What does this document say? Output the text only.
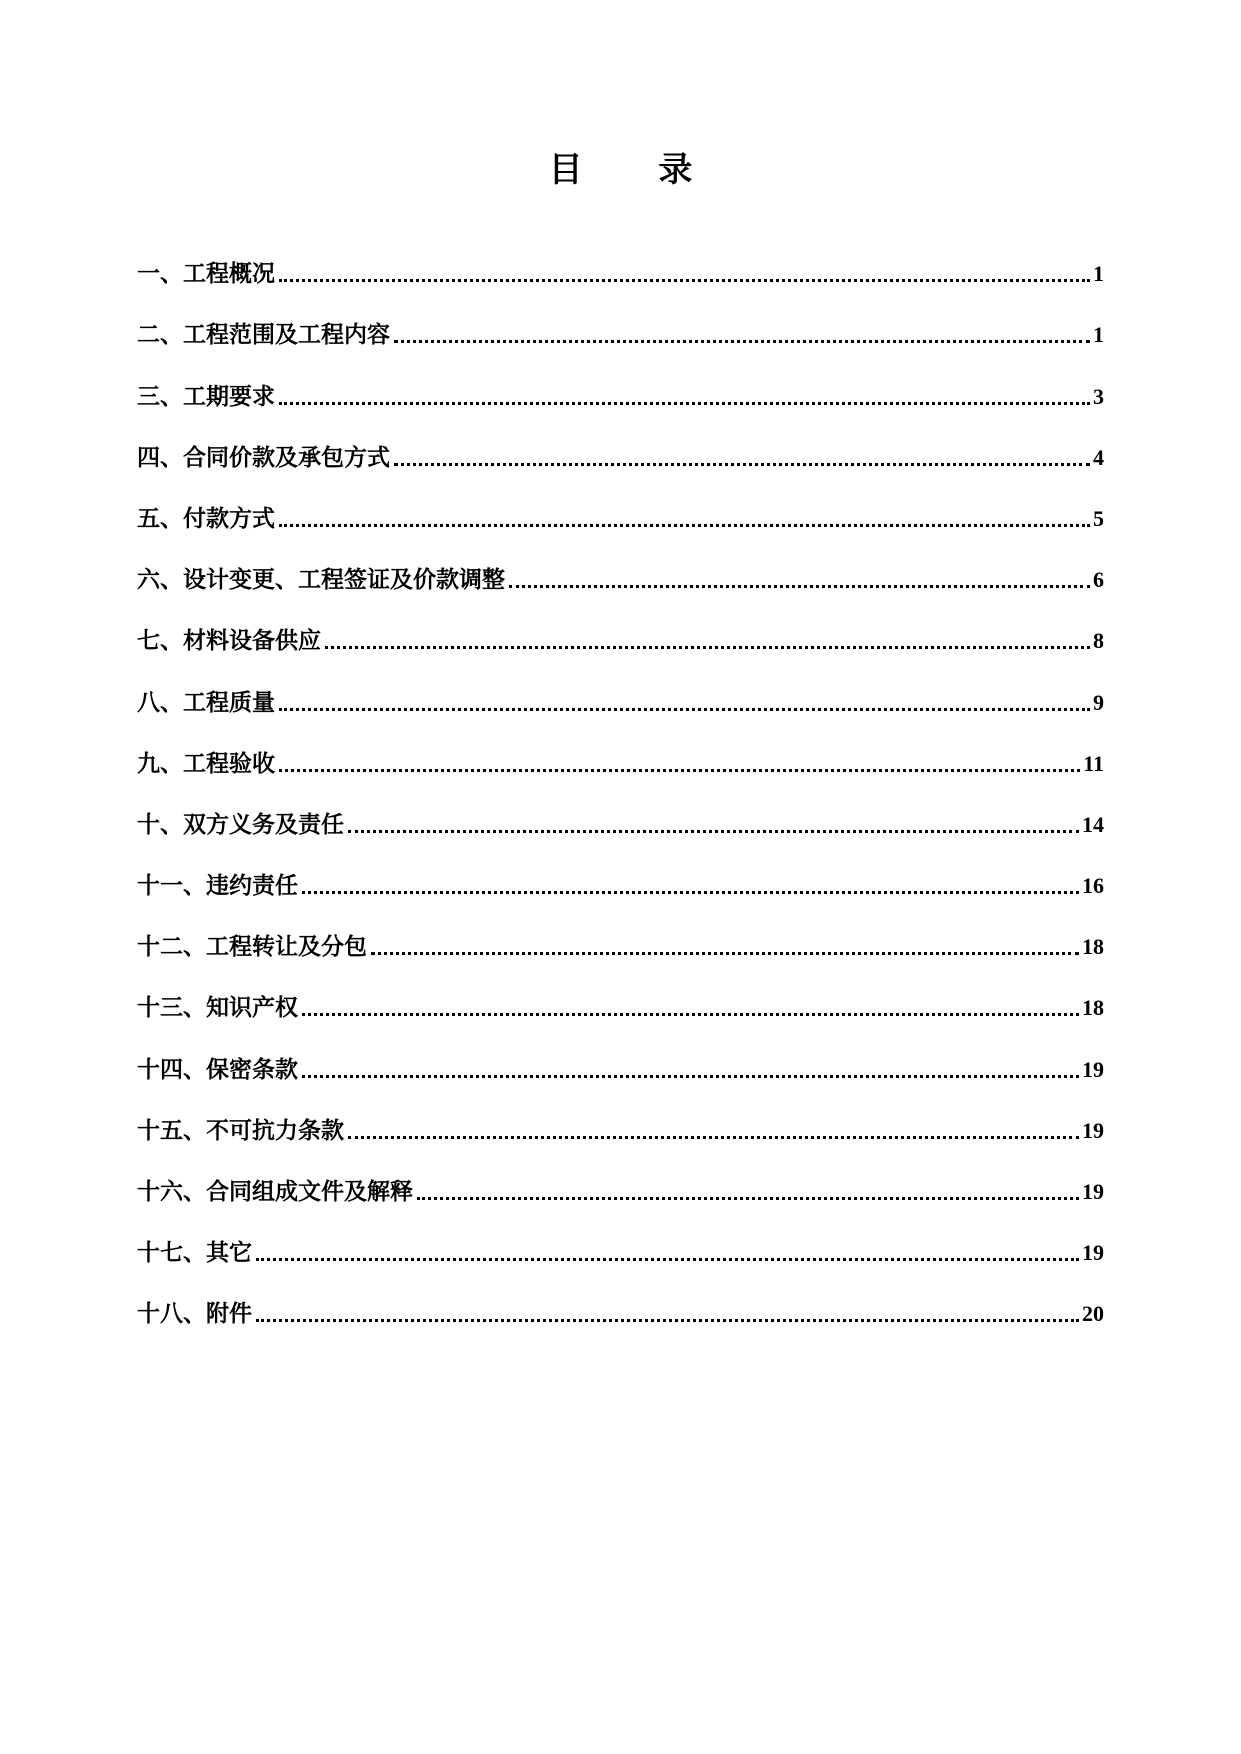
目 录
一、工程概况	1
二、工程范围及工程内容	1
三、工期要求	3
四、合同价款及承包方式	4
五、付款方式	5
六、设计变更、工程签证及价款调整	6
七、材料设备供应	8
八、工程质量	9
九、工程验收	11
十、双方义务及责任	14
十一、违约责任	16
十二、工程转让及分包	18
十三、知识产权	18
十四、保密条款	19
十五、不可抗力条款	19
十六、合同组成文件及解释	19
十七、其它	19
十八、附件	20
